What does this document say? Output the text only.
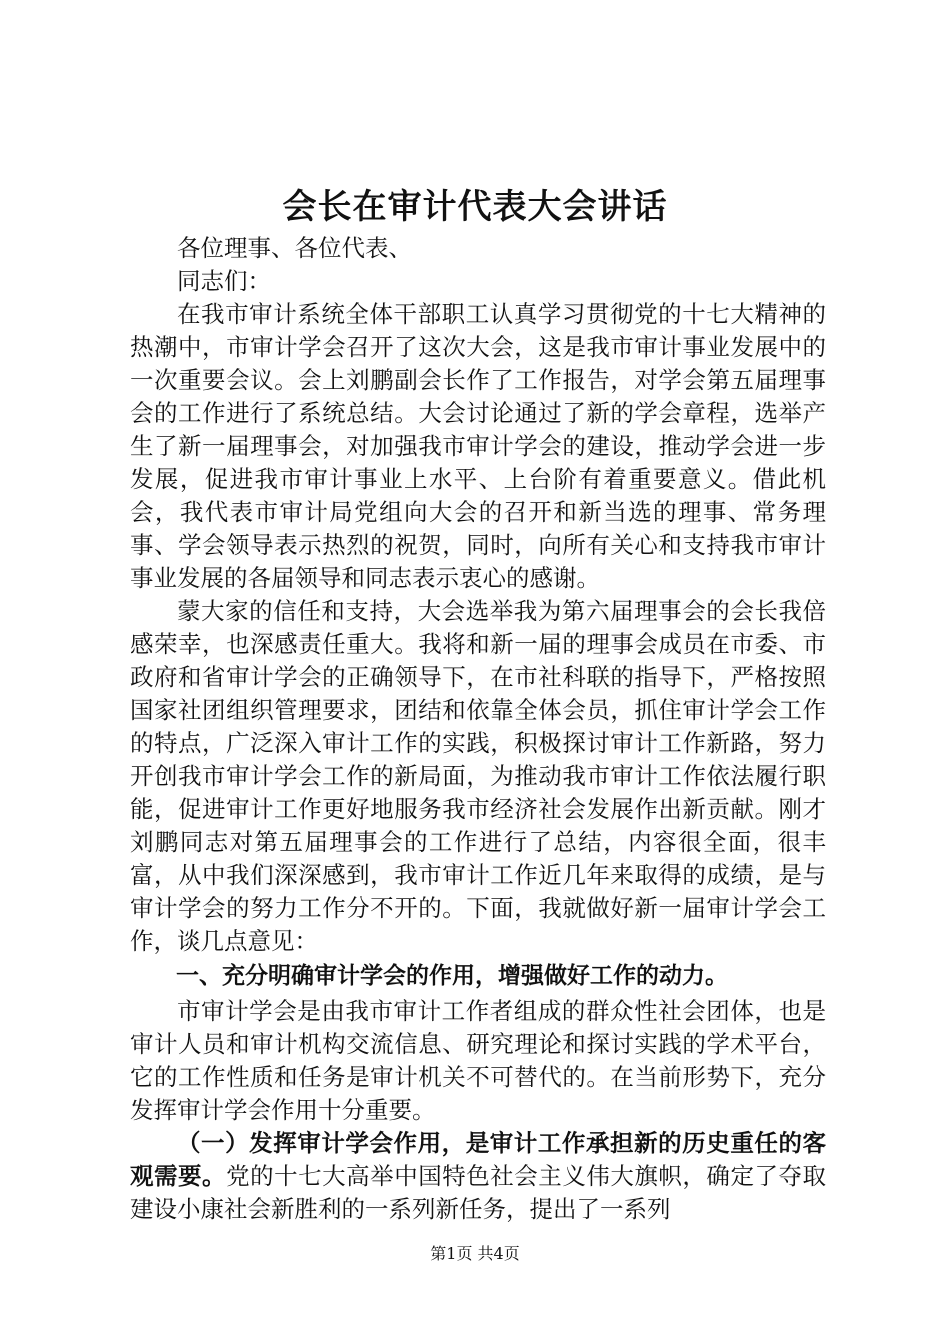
会长在审计代表大会讲话

各位理事、各位代表、

同志们：

在我市审计系统全体干部职工认真学习贯彻党的十七大精神的热潮中，市审计学会召开了这次大会，这是我市审计事业发展中的一次重要会议。会上刘鹏副会长作了工作报告，对学会第五届理事会的工作进行了系统总结。大会讨论通过了新的学会章程，选举产生了新一届理事会，对加强我市审计学会的建设，推动学会进一步发展，促进我市审计事业上水平、上台阶有着重要意义。借此机会，我代表市审计局党组向大会的召开和新当选的理事、常务理事、学会领导表示热烈的祝贺，同时，向所有关心和支持我市审计事业发展的各届领导和同志表示衷心的感谢。

蒙大家的信任和支持，大会选举我为第六届理事会的会长我倍感荣幸，也深感责任重大。我将和新一届的理事会成员在市委、市政府和省审计学会的正确领导下，在市社科联的指导下，严格按照国家社团组织管理要求，团结和依靠全体会员，抓住审计学会工作的特点，广泛深入审计工作的实践，积极探讨审计工作新路，努力开创我市审计学会工作的新局面，为推动我市审计工作依法履行职能，促进审计工作更好地服务我市经济社会发展作出新贡献。刚才刘鹏同志对第五届理事会的工作进行了总结，内容很全面，很丰富，从中我们深深感到，我市审计工作近几年来取得的成绩，是与审计学会的努力工作分不开的。下面，我就做好新一届审计学会工作，谈几点意见：

一、充分明确审计学会的作用，增强做好工作的动力。

市审计学会是由我市审计工作者组成的群众性社会团体，也是审计人员和审计机构交流信息、研究理论和探讨实践的学术平台，它的工作性质和任务是审计机关不可替代的。在当前形势下，充分发挥审计学会作用十分重要。

（一）发挥审计学会作用，是审计工作承担新的历史重任的客观需要。党的十七大高举中国特色社会主义伟大旗帜，确定了夺取建设小康社会新胜利的一系列新任务，提出了一系列

第1页 共4页
